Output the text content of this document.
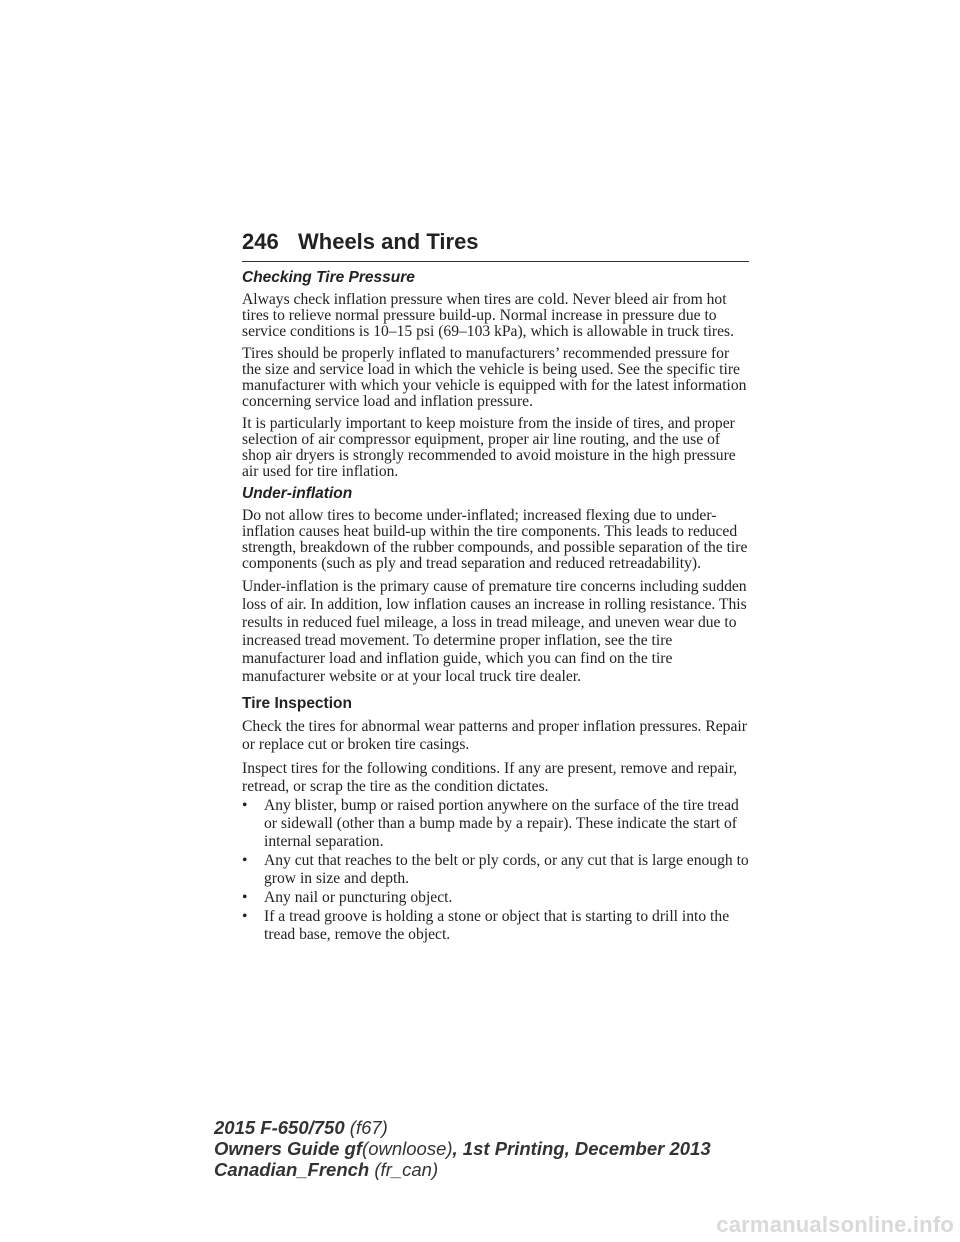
246 Wheels and Tires
Checking Tire Pressure

Always check inflation pressure when tires are cold. Never bleed air from hot tires to relieve normal pressure build-up. Normal increase in pressure due to service conditions is 10–15 psi (69–103 kPa), which is allowable in truck tires.

Tires should be properly inflated to manufacturers’ recommended pressure for the size and service load in which the vehicle is being used. See the specific tire manufacturer with which your vehicle is equipped with for the latest information concerning service load and inflation pressure.

It is particularly important to keep moisture from the inside of tires, and proper selection of air compressor equipment, proper air line routing, and the use of shop air dryers is strongly recommended to avoid moisture in the high pressure air used for tire inflation.

Under-inflation

Do not allow tires to become under-inflated; increased flexing due to under-inflation causes heat build-up within the tire components. This leads to reduced strength, breakdown of the rubber compounds, and possible separation of the tire components (such as ply and tread separation and reduced retreadability).

Under-inflation is the primary cause of premature tire concerns including sudden loss of air. In addition, low inflation causes an increase in rolling resistance. This results in reduced fuel mileage, a loss in tread mileage, and uneven wear due to increased tread movement. To determine proper inflation, see the tire manufacturer load and inflation guide, which you can find on the tire manufacturer website or at your local truck tire dealer.

Tire Inspection

Check the tires for abnormal wear patterns and proper inflation pressures. Repair or replace cut or broken tire casings.

Inspect tires for the following conditions. If any are present, remove and repair, retread, or scrap the tire as the condition dictates.

• Any blister, bump or raised portion anywhere on the surface of the tire tread or sidewall (other than a bump made by a repair). These indicate the start of internal separation.
• Any cut that reaches to the belt or ply cords, or any cut that is large enough to grow in size and depth.
• Any nail or puncturing object.
• If a tread groove is holding a stone or object that is starting to drill into the tread base, remove the object.
2015 F-650/750 (f67)
Owners Guide gf(ownloose), 1st Printing, December 2013
Canadian_French (fr_can)
carmanualsonline.info
